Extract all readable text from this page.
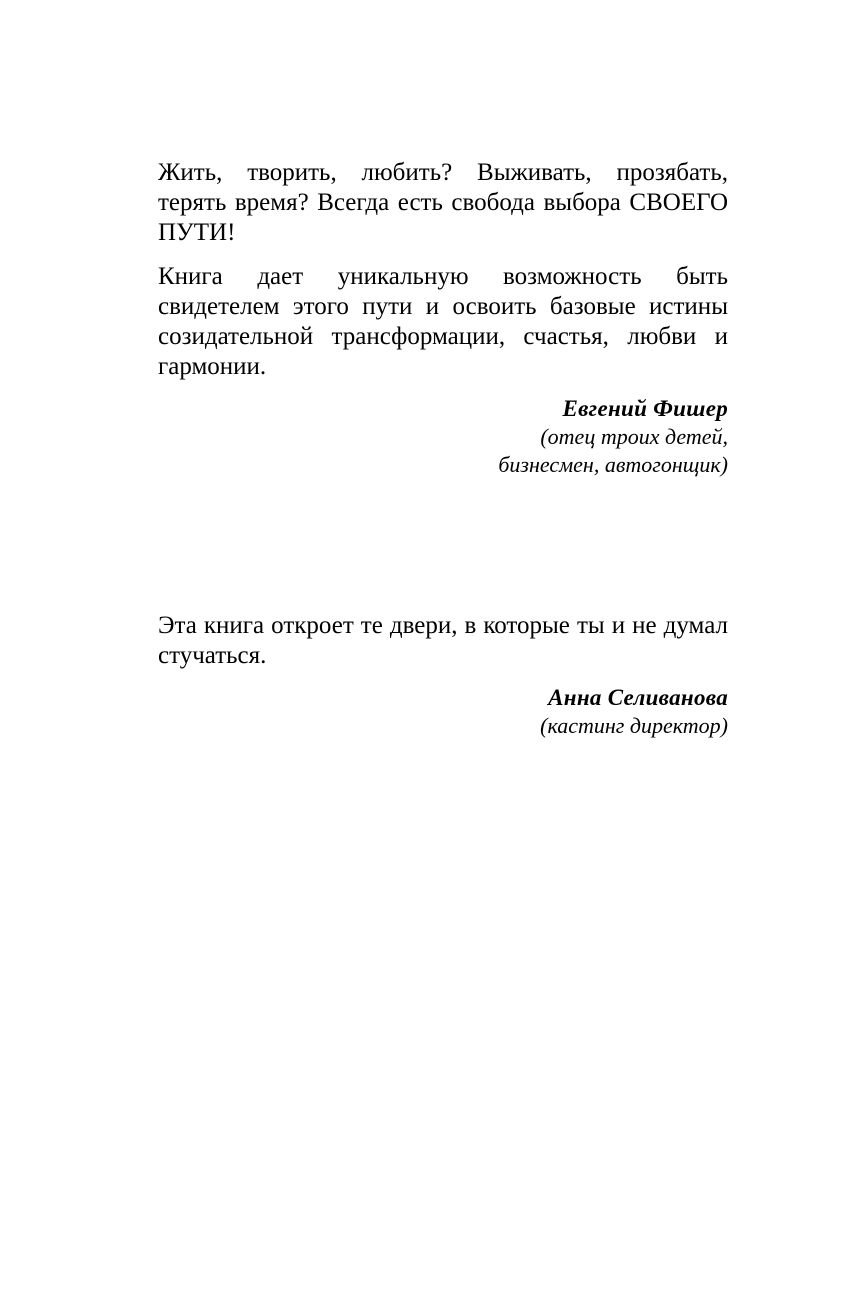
Жить, творить, любить? Выживать, прозябать, терять время? Всегда есть свобода выбора СВОЕГО ПУТИ!

Книга дает уникальную возможность быть свидетелем этого пути и освоить базовые истины созидательной трансформации, счастья, любви и гармонии.

Евгений Фишер
(отец троих детей,
бизнесмен, автогонщик)

Эта книга откроет те двери, в которые ты и не думал стучаться.

Анна Селиванова
(кастинг директор)
